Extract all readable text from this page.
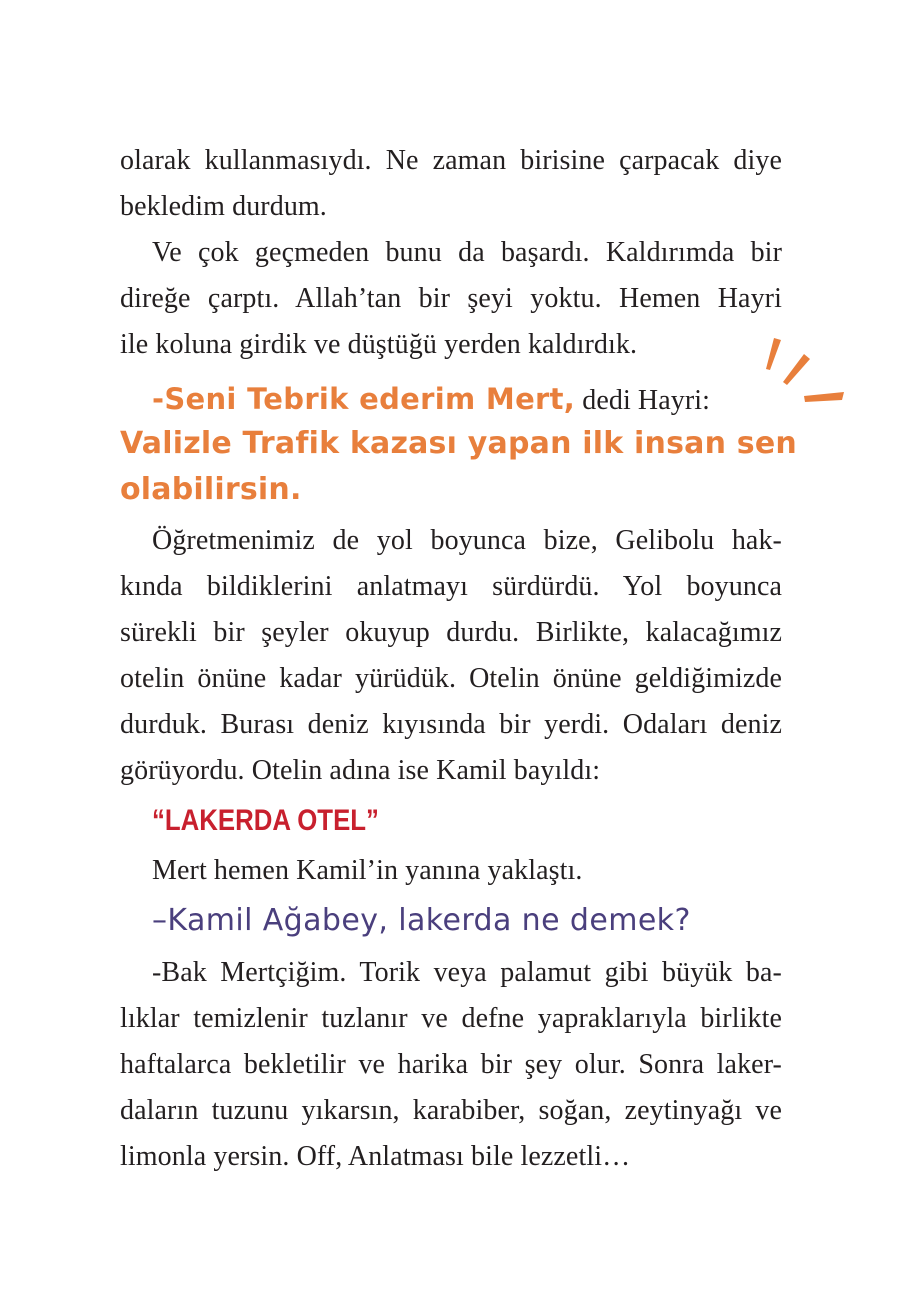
olarak kullanmasıydı. Ne zaman birisine çarpacak diye
bekledim durdum.
Ve çok geçmeden bunu da başardı. Kaldırımda bir
direğe çarptı. Allah’tan bir şeyi yoktu. Hemen Hayri
ile koluna girdik ve düştüğü yerden kaldırdık.
-Seni Tebrik ederim Mert, dedi Hayri:
Valizle Trafik kazası yapan ilk insan sen
olabilirsin.
Öğretmenimiz de yol boyunca bize, Gelibolu hak-
kında bildiklerini anlatmayı sürdürdü. Yol boyunca
sürekli bir şeyler okuyup durdu. Birlikte, kalacağımız
otelin önüne kadar yürüdük. Otelin önüne geldiğimizde
durduk. Burası deniz kıyısında bir yerdi. Odaları deniz
görüyordu. Otelin adına ise Kamil bayıldı:
“LAKERDA OTEL”
Mert hemen Kamil’in yanına yaklaştı.
–Kamil Ağabey, lakerda ne demek?
-Bak Mertçiğim. Torik veya palamut gibi büyük ba-
lıklar temizlenir tuzlanır ve defne yapraklarıyla birlikte
haftalarca bekletilir ve harika bir şey olur. Sonra laker-
daların tuzunu yıkarsın, karabiber, soğan, zeytinyağı ve
limonla yersin. Off, Anlatması bile lezzetli…
